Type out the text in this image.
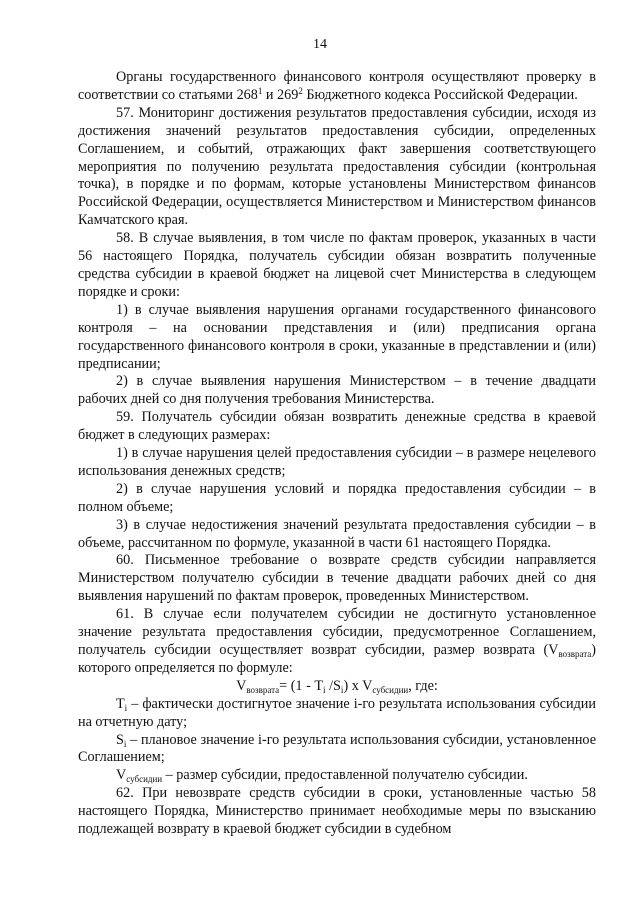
14

Органы государственного финансового контроля осуществляют проверку в соответствии со статьями $268^1$ и $269^2$ Бюджетного кодекса Российской Федерации.

57. Мониторинг достижения результатов предоставления субсидии, исходя из достижения значений результатов предоставления субсидии, определенных Соглашением, и событий, отражающих факт завершения соответствующего мероприятия по получению результата предоставления субсидии (контрольная точка), в порядке и по формам, которые установлены Министерством финансов Российской Федерации, осуществляется Министерством и Министерством финансов Камчатского края.

58. В случае выявления, в том числе по фактам проверок, указанных в части 56 настоящего Порядка, получатель субсидии обязан возвратить полученные средства субсидии в краевой бюджет на лицевой счет Министерства в следующем порядке и сроки:

1) в случае выявления нарушения органами государственного финансового контроля – на основании представления и (или) предписания органа государственного финансового контроля в сроки, указанные в представлении и (или) предписании;

2) в случае выявления нарушения Министерством – в течение двадцати рабочих дней со дня получения требования Министерства.

59. Получатель субсидии обязан возвратить денежные средства в краевой бюджет в следующих размерах:

1) в случае нарушения целей предоставления субсидии – в размере нецелевого использования денежных средств;

2) в случае нарушения условий и порядка предоставления субсидии – в полном объеме;

3) в случае недостижения значений результата предоставления субсидии – в объеме, рассчитанном по формуле, указанной в части 61 настоящего Порядка.

60. Письменное требование о возврате средств субсидии направляется Министерством получателю субсидии в течение двадцати рабочих дней со дня выявления нарушений по фактам проверок, проведенных Министерством.

61. В случае если получателем субсидии не достигнуто установленное значение результата предоставления субсидии, предусмотренное Соглашением, получатель субсидии осуществляет возврат субсидии, размер возврата $(V_{возврата})$ которого определяется по формуле:

$V_{возврата}= (1 - T_i$ $/S_i$) x $V_{субсидии}$, где:

$T_i$ – фактически достигнутое значение i-го результата использования субсидии на отчетную дату;

$S_i$ – плановое значение i-го результата использования субсидии, установленное Соглашением;

$V_{субсидии}$ – размер субсидии, предоставленной получателю субсидии.

62. При невозврате средств субсидии в сроки, установленные частью 58 настоящего Порядка, Министерство принимает необходимые меры по взысканию подлежащей возврату в краевой бюджет субсидии в судебном
